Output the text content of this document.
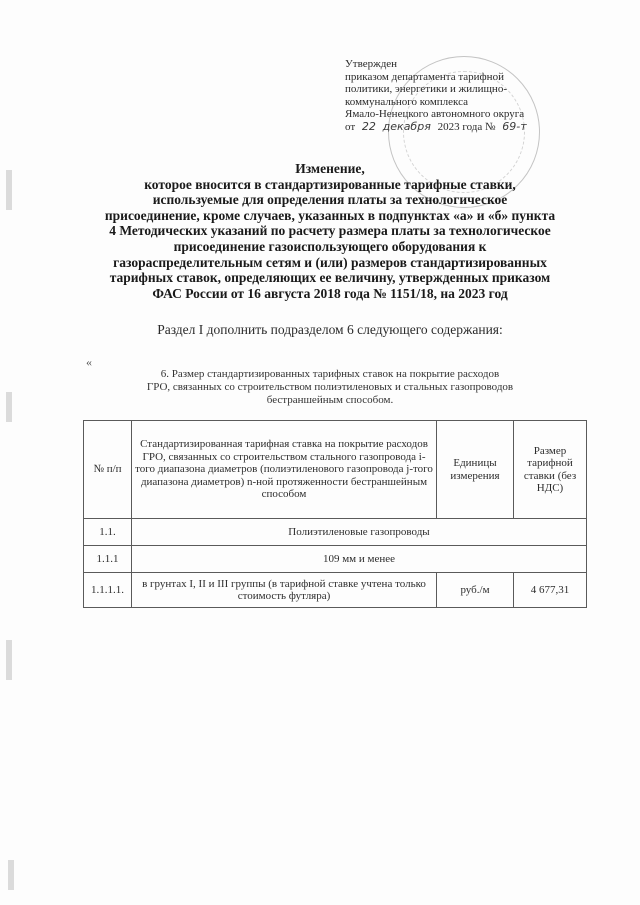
Утвержден
приказом департамента тарифной
политики, энергетики и жилищно-
коммунального комплекса
Ямало-Ненецкого автономного округа
от 22 декабря 2023 года № 69-т
Изменение,
которое вносится в стандартизированные тарифные ставки,
используемые для определения платы за технологическое
присоединение, кроме случаев, указанных в подпунктах «а» и «б» пункта
4 Методических указаний по расчету размера платы за технологическое
присоединение газоиспользующего оборудования к
газораспределительным сетям и (или) размеров стандартизированных
тарифных ставок, определяющих ее величину, утвержденных приказом
ФАС России от 16 августа 2018 года № 1151/18, на 2023 год
Раздел I дополнить подразделом 6 следующего содержания:
«
6. Размер стандартизированных тарифных ставок на покрытие расходов
ГРО, связанных со строительством полиэтиленовых и стальных газопроводов
бестраншейным способом.
№ п/п	Стандартизированная тарифная ставка на покрытие расходов ГРО, связанных со строительством стального газопровода i-того диапазона диаметров (полиэтиленового газопровода j-того диапазона диаметров) n-ной протяженности бестраншейным способом	Единицы измерения	Размер тарифной ставки (без НДС)
1.1.	Полиэтиленовые газопроводы		
1.1.1	109 мм и менее		
1.1.1.1.	в грунтах I, II и III группы (в тарифной ставке учтена только стоимость футляра)	руб./м	4 677,31
